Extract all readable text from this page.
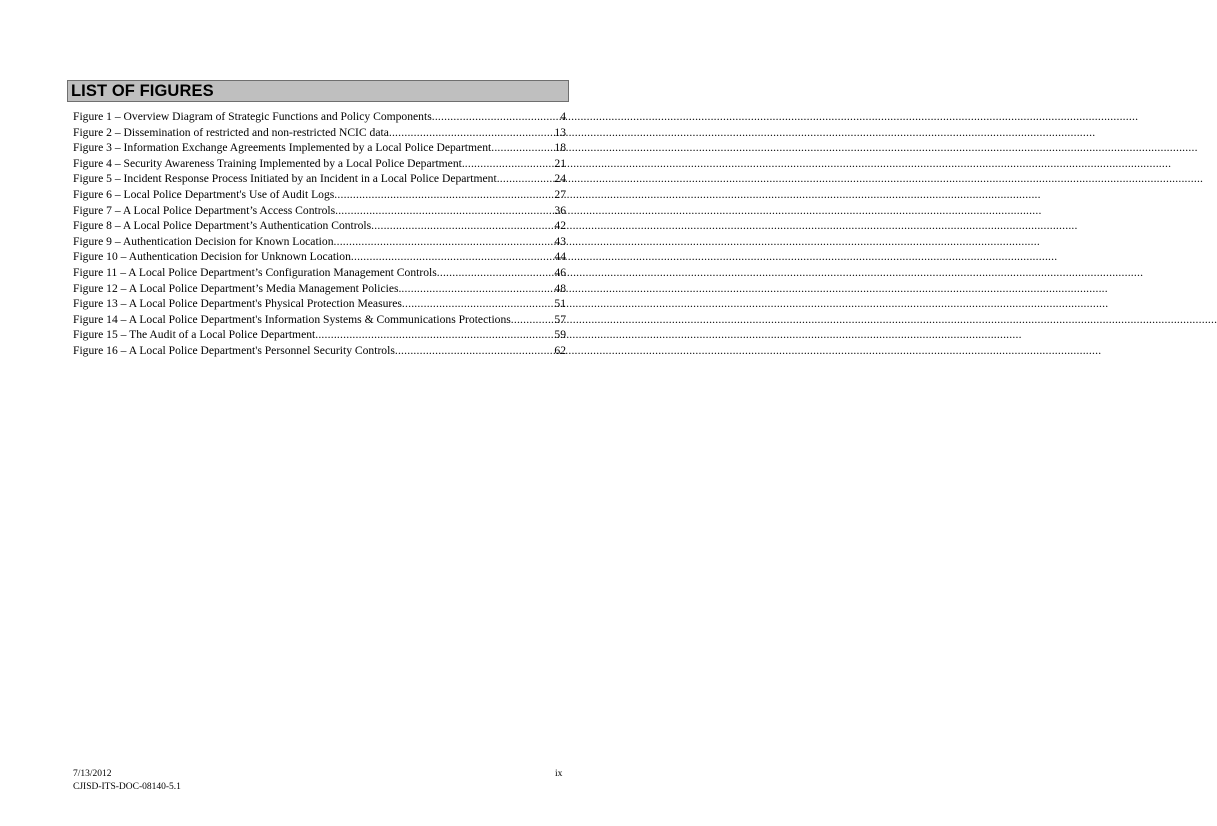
LIST OF FIGURES
Figure 1 – Overview Diagram of Strategic Functions and Policy Components .....	4
Figure 2 – Dissemination of restricted and non-restricted NCIC data .....	13
Figure 3 – Information Exchange Agreements Implemented by a Local Police Department .....	18
Figure 4 – Security Awareness Training Implemented by a Local Police Department. .....	21
Figure 5 – Incident Response Process Initiated by an Incident in a Local Police Department .....	24
Figure 6 – Local Police Department's Use of Audit Logs .....	27
Figure 7 – A Local Police Department’s Access Controls .....	36
Figure 8 – A Local Police Department’s Authentication Controls .....	42
Figure 9 – Authentication Decision for Known Location .....	43
Figure 10 – Authentication Decision for Unknown Location .....	44
Figure 11 – A Local Police Department’s Configuration Management Controls .....	46
Figure 12 – A Local Police Department’s Media Management Policies. .....	48
Figure 13 – A Local Police Department's Physical Protection Measures .....	51
Figure 14 – A Local Police Department's Information Systems & Communications Protections .....	57
Figure 15 – The Audit of a Local Police Department .....	59
Figure 16 – A Local Police Department's Personnel Security Controls .....	62
7/13/2012
CJISD-ITS-DOC-08140-5.1
ix
